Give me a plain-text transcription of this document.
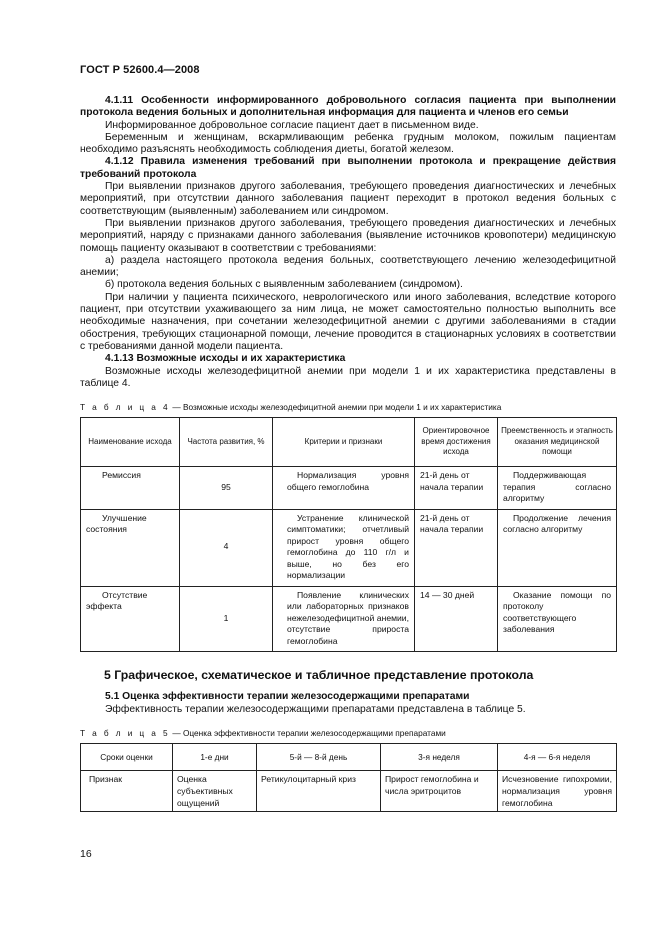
ГОСТ Р 52600.4—2008

4.1.11 Особенности информированного добровольного согласия пациента при выполнении протокола ведения больных и дополнительная информация для пациента и членов его семьи

Информированное добровольное согласие пациент дает в письменном виде.

Беременным и женщинам, вскармливающим ребенка грудным молоком, пожилым пациентам необходимо разъяснять необходимость соблюдения диеты, богатой железом.

4.1.12 Правила изменения требований при выполнении протокола и прекращение действия требований протокола

При выявлении признаков другого заболевания, требующего проведения диагностических и лечебных мероприятий, при отсутствии данного заболевания пациент переходит в протокол ведения больных с соответствующим (выявленным) заболеванием или синдромом.

При выявлении признаков другого заболевания, требующего проведения диагностических и лечебных мероприятий, наряду с признаками данного заболевания (выявление источников кровопотери) медицинскую помощь пациенту оказывают в соответствии с требованиями:

а) раздела настоящего протокола ведения больных, соответствующего лечению железодефицитной анемии;

б) протокола ведения больных с выявленным заболеванием (синдромом).

При наличии у пациента психического, неврологического или иного заболевания, вследствие которого пациент, при отсутствии ухаживающего за ним лица, не может самостоятельно полностью выполнить все необходимые назначения, при сочетании железодефицитной анемии с другими заболеваниями в стадии обострения, требующих стационарной помощи, лечение проводится в стационарных условиях в соответствии с требованиями данной модели пациента.

4.1.13 Возможные исходы и их характеристика

Возможные исходы железодефицитной анемии при модели 1 и их характеристика представлены в таблице 4.

Т а б л и ц а 4 — Возможные исходы железодефицитной анемии при модели 1 и их характеристика
Наименование исхода	Частота развития, %	Критерии и признаки	Ориентировочное время достижения исхода	Преемственность и этапность оказания медицинской помощи
Ремиссия	95	Нормализация уровня общего гемоглобина	21-й день от начала терапии	Поддерживающая терапия согласно алгоритму
Улучшение состояния	4	Устранение клинической симптоматики; отчетливый прирост уровня общего гемоглобина до 110 г/л и выше, но без его нормализации	21-й день от начала терапии	Продолжение лечения согласно алгоритму
Отсутствие эффекта	1	Появление клинических или лабораторных признаков нежелезодефицитной анемии, отсутствие прироста гемоглобина	14 — 30 дней	Оказание помощи по протоколу соответствующего заболевания
5 Графическое, схематическое и табличное представление протокола

5.1 Оценка эффективности терапии железосодержащими препаратами

Эффективность терапии железосодержащими препаратами представлена в таблице 5.

Т а б л и ц а 5 — Оценка эффективности терапии железосодержащими препаратами
Сроки оценки	1-е дни	5-й — 8-й день	3-я неделя	4-я — 6-я неделя
Признак	Оценка субъективных ощущений	Ретикулоцитарный криз	Прирост гемоглобина и числа эритроцитов	Исчезновение гипохромии, нормализация уровня гемоглобина
16
